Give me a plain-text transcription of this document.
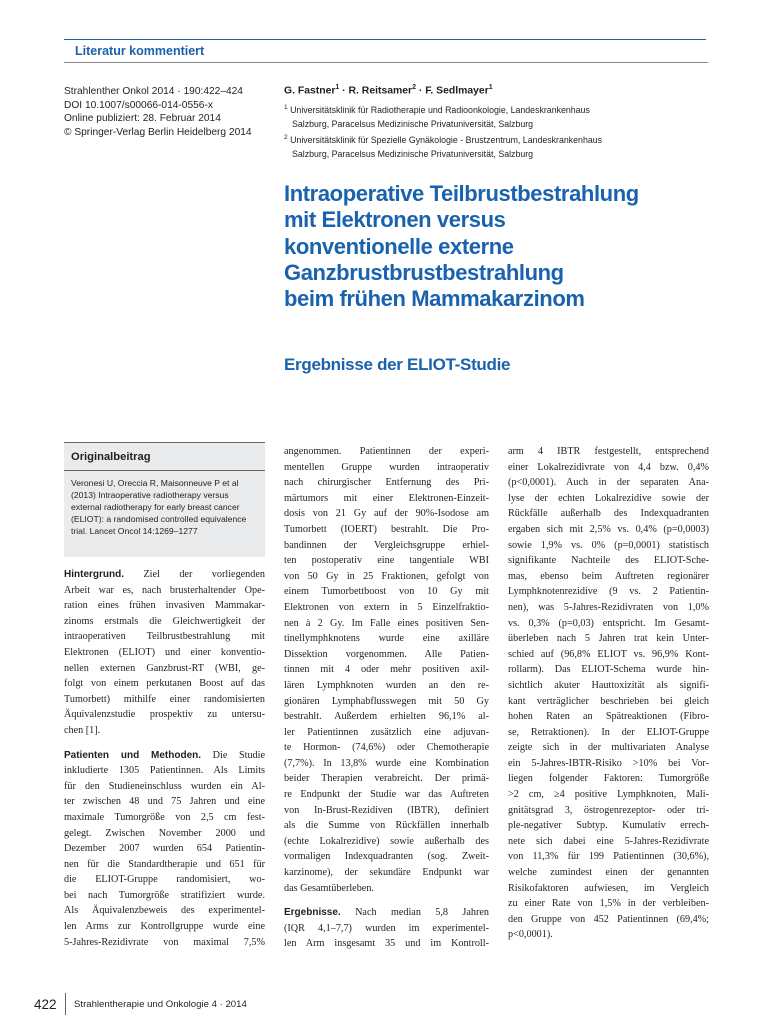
Literatur kommentiert
Strahlenther Onkol 2014 · 190:422–424
DOI 10.1007/s00066-014-0556-x
Online publiziert: 28. Februar 2014
© Springer-Verlag Berlin Heidelberg 2014
G. Fastner$^1$ · R. Reitsamer$^2$ · F. Sedlmayer$^1$
$^1$ Universitätsklinik für Radiotherapie und Radioonkologie, Landeskrankenhaus
Salzburg, Paracelsus Medizinische Privatuniversität, Salzburg
$^2$ Universitätsklinik für Spezielle Gynäkologie - Brustzentrum, Landeskrankenhaus
Salzburg, Paracelsus Medizinische Privatuniversität, Salzburg
Intraoperative Teilbrustbestrahlung
mit Elektronen versus
konventionelle externe
Ganzbrustbrustbestrahlung
beim frühen Mammakarzinom
Ergebnisse der ELIOT-Studie
Originalbeitrag
Veronesi U, Oreccia R, Maisonneuve P et al
(2013) Intraoperative radiotherapy versus
external radiotherapy for early breast cancer
(ELIOT): a randomised controlled equivalence
trial. Lancet Oncol 14:1269–1277
Hintergrund. Ziel der vorliegenden
Arbeit war es, nach brusterhaltender Ope-
ration eines frühen invasiven Mammakar-
zinoms erstmals die Gleichwertigkeit der
intraoperativen Teilbrustbestrahlung mit
Elektronen (ELIOT) und einer konventio-
nellen externen Ganzbrust-RT (WBI, ge-
folgt von einem perkutanen Boost auf das
Tumorbett) mithilfe einer randomisierten
Äquivalenzstudie prospektiv zu untersu-
chen [1].
Patienten und Methoden. Die Studie
inkludierte 1305 Patientinnen. Als Limits
für den Studieneinschluss wurden ein Al-
ter zwischen 48 und 75 Jahren und eine
maximale Tumorgröße von 2,5 cm fest-
gelegt. Zwischen November 2000 und
Dezember 2007 wurden 654 Patientin-
nen für die Standardtherapie und 651 für
die ELIOT-Gruppe randomisiert, wo-
bei nach Tumorgröße stratifiziert wurde.
Als Äquivalenzbeweis des experimentel-
len Arms zur Kontrollgruppe wurde eine
5-Jahres-Rezidivrate von maximal 7,5%
angenommen. Patientinnen der experi-
mentellen Gruppe wurden intraoperativ
nach chirurgischer Entfernung des Pri-
märtumors mit einer Elektronen-Einzeit-
dosis von 21 Gy auf der 90%-Isodose am
Tumorbett (IOERT) bestrahlt. Die Pro-
bandinnen der Vergleichsgruppe erhiel-
ten postoperativ eine tangentiale WBI
von 50 Gy in 25 Fraktionen, gefolgt von
einem Tumorbettboost von 10 Gy mit
Elektronen von extern in 5 Einzelfraktio-
nen à 2 Gy. Im Falle eines positiven Sen-
tinellymphknotens wurde eine axilläre
Dissektion vorgenommen. Alle Patien-
tinnen mit 4 oder mehr positiven axil-
lären Lymphknoten wurden an den re-
gionären Lymphabflusswegen mit 50 Gy
bestrahlt. Außerdem erhielten 96,1% al-
ler Patientinnen zusätzlich eine adjuvan-
te Hormon- (74,6%) oder Chemotherapie
(7,7%). In 13,8% wurde eine Kombination
beider Therapien verabreicht. Der primä-
re Endpunkt der Studie war das Auftreten
von In-Brust-Rezidiven (IBTR), definiert
als die Summe von Rückfällen innerhalb
(echte Lokalrezidive) sowie außerhalb des
vormaligen Indexquadranten (sog. Zweit-
karzinome), der sekundäre Endpunkt war
das Gesamtüberleben.
Ergebnisse. Nach median 5,8 Jahren
(IQR 4,1–7,7) wurden im experimentel-
len Arm insgesamt 35 und im Kontroll-
arm 4 IBTR festgestellt, entsprechend
einer Lokalrezidivrate von 4,4 bzw. 0,4%
(p<0,0001). Auch in der separaten Ana-
lyse der echten Lokalrezidive sowie der
Rückfälle außerhalb des Indexquadranten
ergaben sich mit 2,5% vs. 0,4% (p=0,0003)
sowie 1,9% vs. 0% (p=0,0001) statistisch
signifikante Nachteile des ELIOT-Sche-
mas, ebenso beim Auftreten regionärer
Lymphknotenrezidive (9 vs. 2 Patientin-
nen), was 5-Jahres-Rezidivraten von 1,0%
vs. 0,3% (p=0,03) entspricht. Im Gesamt-
überleben nach 5 Jahren trat kein Unter-
schied auf (96,8% ELIOT vs. 96,9% Kont-
rollarm). Das ELIOT-Schema wurde hin-
sichtlich akuter Hauttoxizität als signifi-
kant verträglicher beschrieben bei gleich
hohen Raten an Spätreaktionen (Fibro-
se, Retraktionen). In der ELIOT-Gruppe
zeigte sich in der multivariaten Analyse
ein 5-Jahres-IBTR-Risiko >10% bei Vor-
liegen folgender Faktoren: Tumorgröße
>2 cm, ≥4 positive Lymphknoten, Mali-
gnitätsgrad 3, östrogenrezeptor- oder tri-
ple-negativer Subtyp. Kumulativ errech-
nete sich dabei eine 5-Jahres-Rezidivrate
von 11,3% für 199 Patientinnen (30,6%),
welche zumindest einen der genannten
Risikofaktoren aufwiesen, im Vergleich
zu einer Rate von 1,5% in der verbleiben-
den Gruppe von 452 Patientinnen (69,4%;
p<0,0001).
422 Strahlentherapie und Onkologie 4 · 2014
